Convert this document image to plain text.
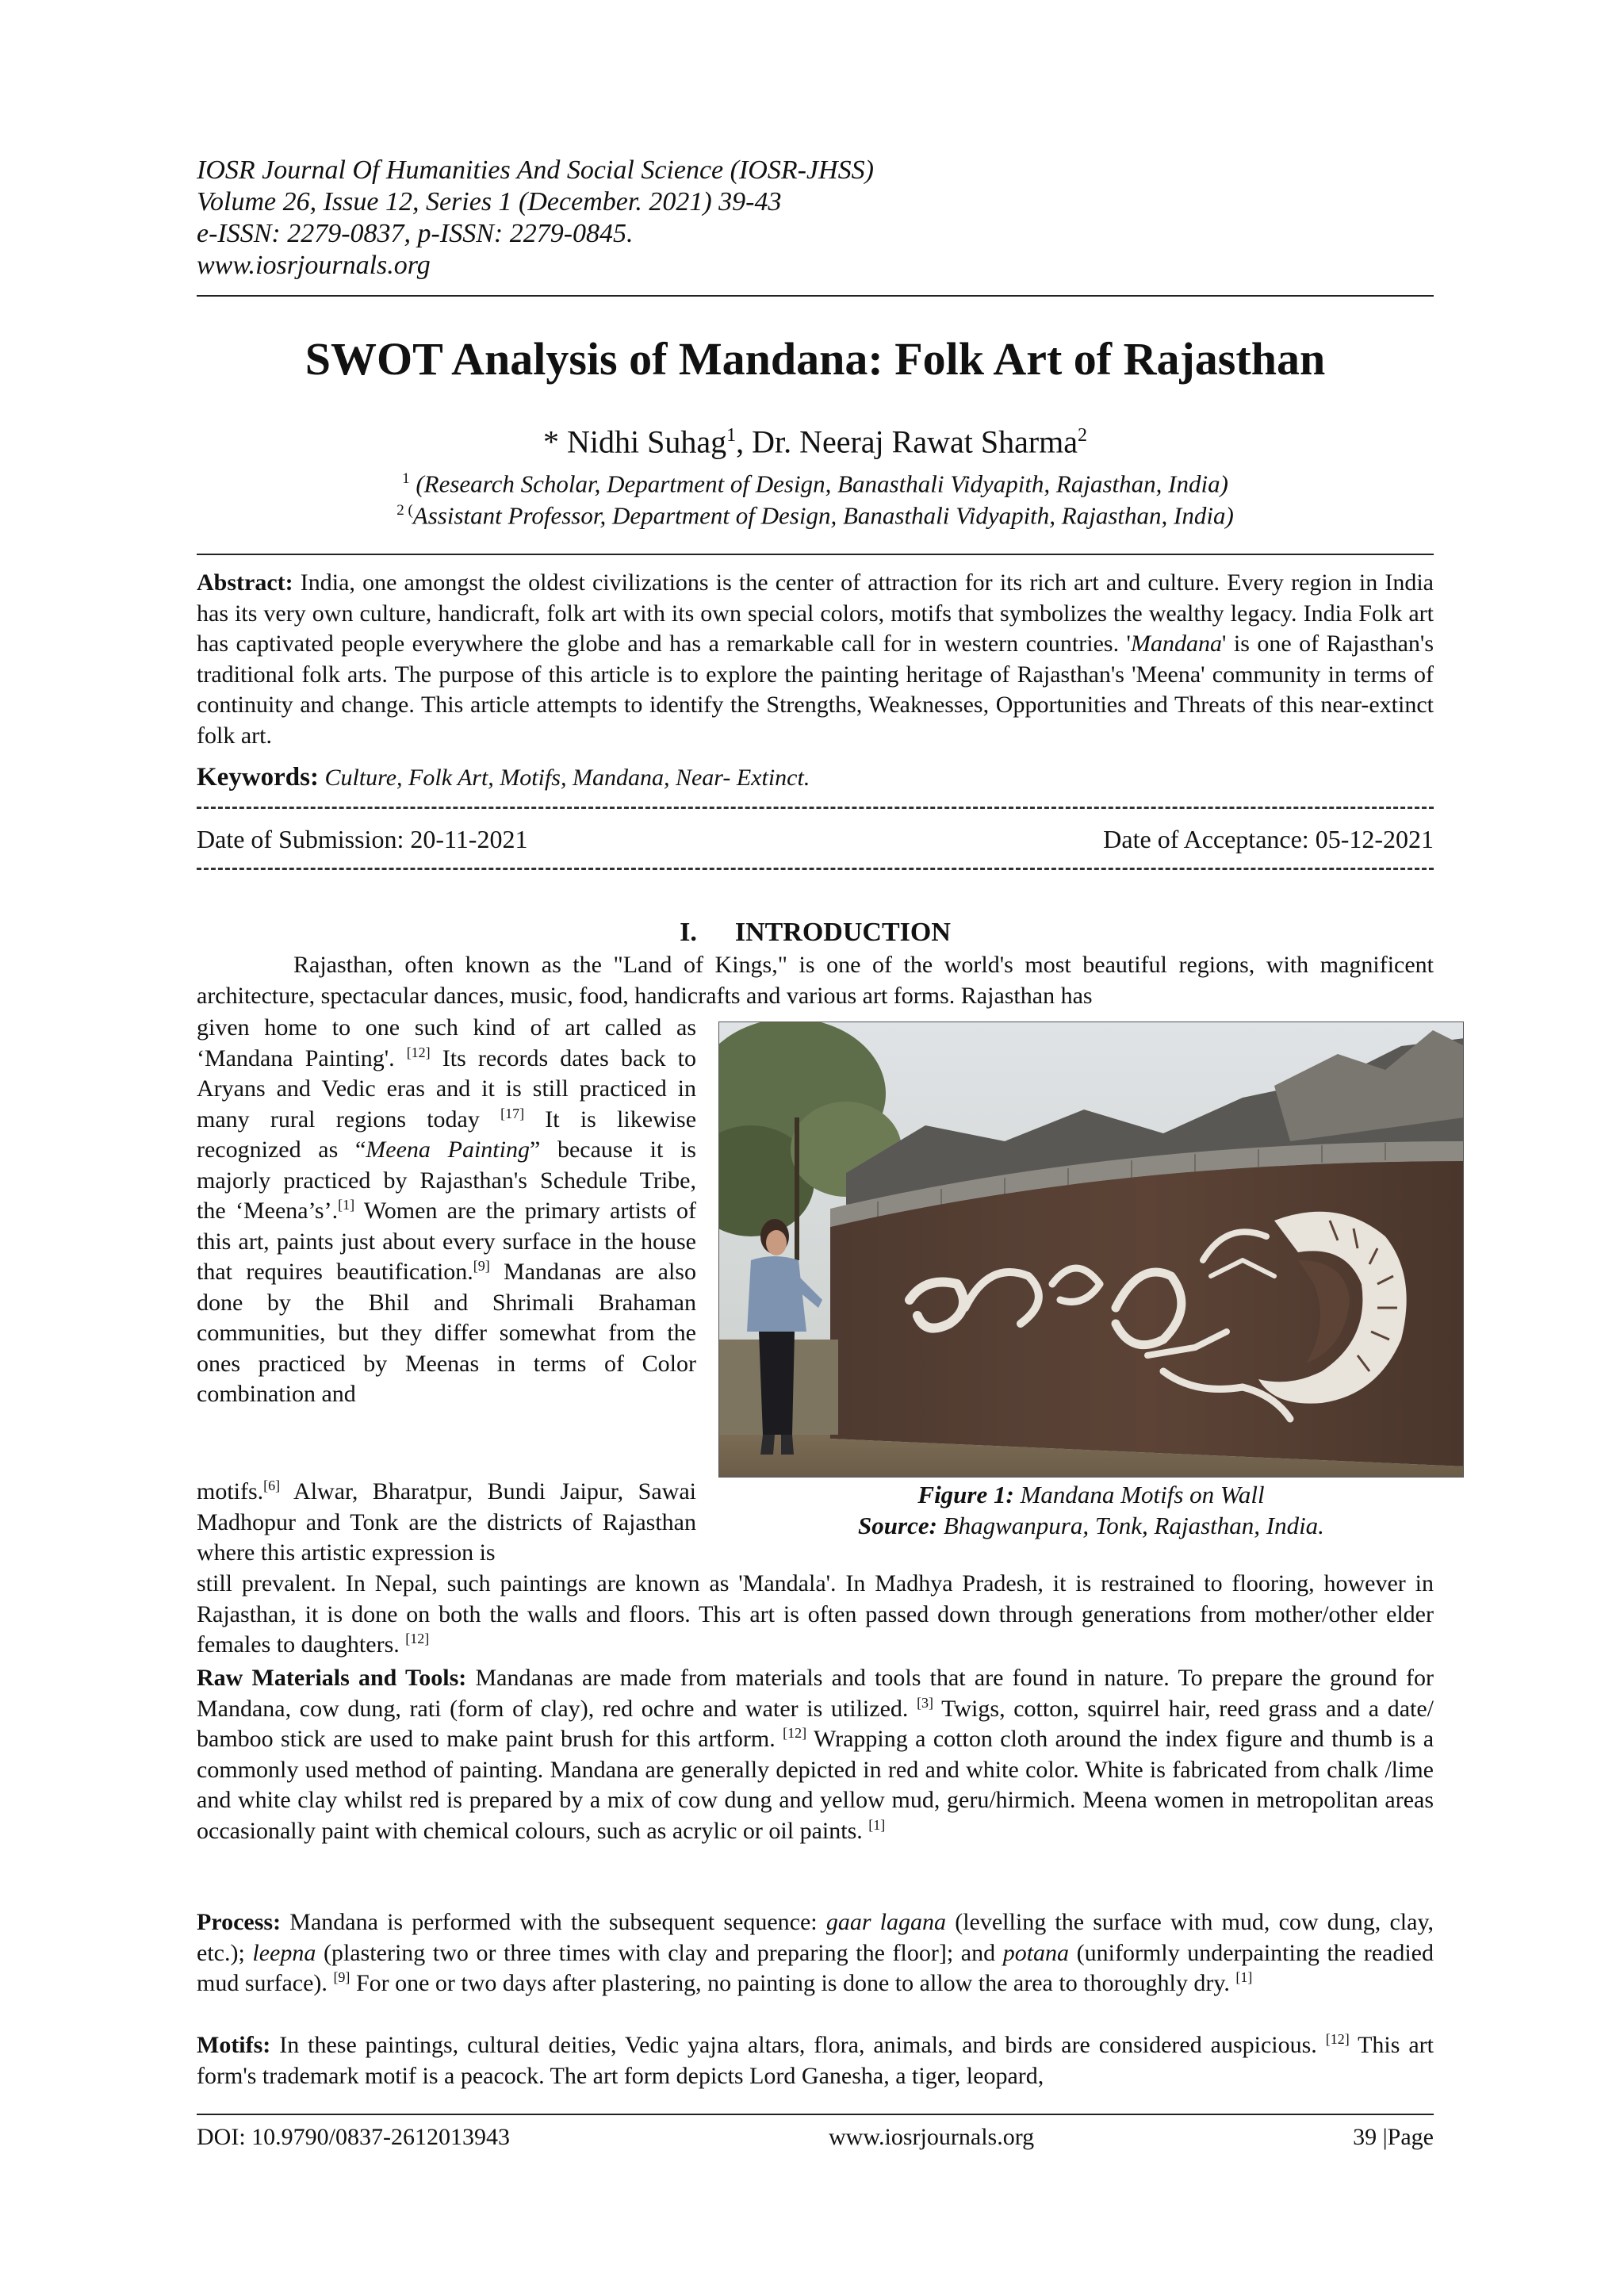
IOSR Journal Of Humanities And Social Science (IOSR-JHSS)
Volume 26, Issue 12, Series 1 (December. 2021) 39-43
e-ISSN: 2279-0837, p-ISSN: 2279-0845.
www.iosrjournals.org
SWOT Analysis of Mandana: Folk Art of Rajasthan
* Nidhi Suhag$^1$, Dr. Neeraj Rawat Sharma$^2$
$^1$ (Research Scholar, Department of Design, Banasthali Vidyapith, Rajasthan, India)
$^{2 (}$Assistant Professor, Department of Design, Banasthali Vidyapith, Rajasthan, India)

Abstract: India, one amongst the oldest civilizations is the center of attraction for its rich art and culture. Every region in India has its very own culture, handicraft, folk art with its own special colors, motifs that symbolizes the wealthy legacy. India Folk art has captivated people everywhere the globe and has a remarkable call for in western countries. 'Mandana' is one of Rajasthan's traditional folk arts. The purpose of this article is to explore the painting heritage of Rajasthan's 'Meena' community in terms of continuity and change. This article attempts to identify the Strengths, Weaknesses, Opportunities and Threats of this near-extinct folk art.

Keywords: Culture, Folk Art, Motifs, Mandana, Near- Extinct.

Date of Submission: 20-11-2021	Date of Acceptance: 05-12-2021
I. INTRODUCTION

Rajasthan, often known as the "Land of Kings," is one of the world's most beautiful regions, with magnificent architecture, spectacular dances, music, food, handicrafts and various art forms. Rajasthan has

given home to one such kind of art called as ‘Mandana Painting'. [12] Its records dates back to Aryans and Vedic eras and it is still practiced in many rural regions today [17] It is likewise recognized as “Meena Painting” because it is majorly practiced by Rajasthan's Schedule Tribe, the ‘Meena’s’.[1] Women are the primary artists of this art, paints just about every surface in the house that requires beautification.[9] Mandanas are also done by the Bhil and Shrimali Brahaman communities, but they differ somewhat from the ones practiced by Meenas in terms of Color combination and

motifs.[6] Alwar, Bharatpur, Bundi Jaipur, Sawai Madhopur and Tonk are the districts of Rajasthan where this artistic expression is

Figure 1: Mandana Motifs on Wall
Source: Bhagwanpura, Tonk, Rajasthan, India.

still prevalent. In Nepal, such paintings are known as 'Mandala'. In Madhya Pradesh, it is restrained to flooring, however in Rajasthan, it is done on both the walls and floors. This art is often passed down through generations from mother/other elder females to daughters. [12]

Raw Materials and Tools: Mandanas are made from materials and tools that are found in nature. To prepare the ground for Mandana, cow dung, rati (form of clay), red ochre and water is utilized. [3] Twigs, cotton, squirrel hair, reed grass and a date/ bamboo stick are used to make paint brush for this artform. [12] Wrapping a cotton cloth around the index figure and thumb is a commonly used method of painting. Mandana are generally depicted in red and white color. White is fabricated from chalk /lime and white clay whilst red is prepared by a mix of cow dung and yellow mud, geru/hirmich. Meena women in metropolitan areas occasionally paint with chemical colours, such as acrylic or oil paints. [1]

Process: Mandana is performed with the subsequent sequence: gaar lagana (levelling the surface with mud, cow dung, clay, etc.); leepna (plastering two or three times with clay and preparing the floor]; and potana (uniformly underpainting the readied mud surface). [9] For one or two days after plastering, no painting is done to allow the area to thoroughly dry. [1]

Motifs: In these paintings, cultural deities, Vedic yajna altars, flora, animals, and birds are considered auspicious. [12] This art form's trademark motif is a peacock. The art form depicts Lord Ganesha, a tiger, leopard,

DOI: 10.9790/0837-2612013943	www.iosrjournals.org	39 |Page
